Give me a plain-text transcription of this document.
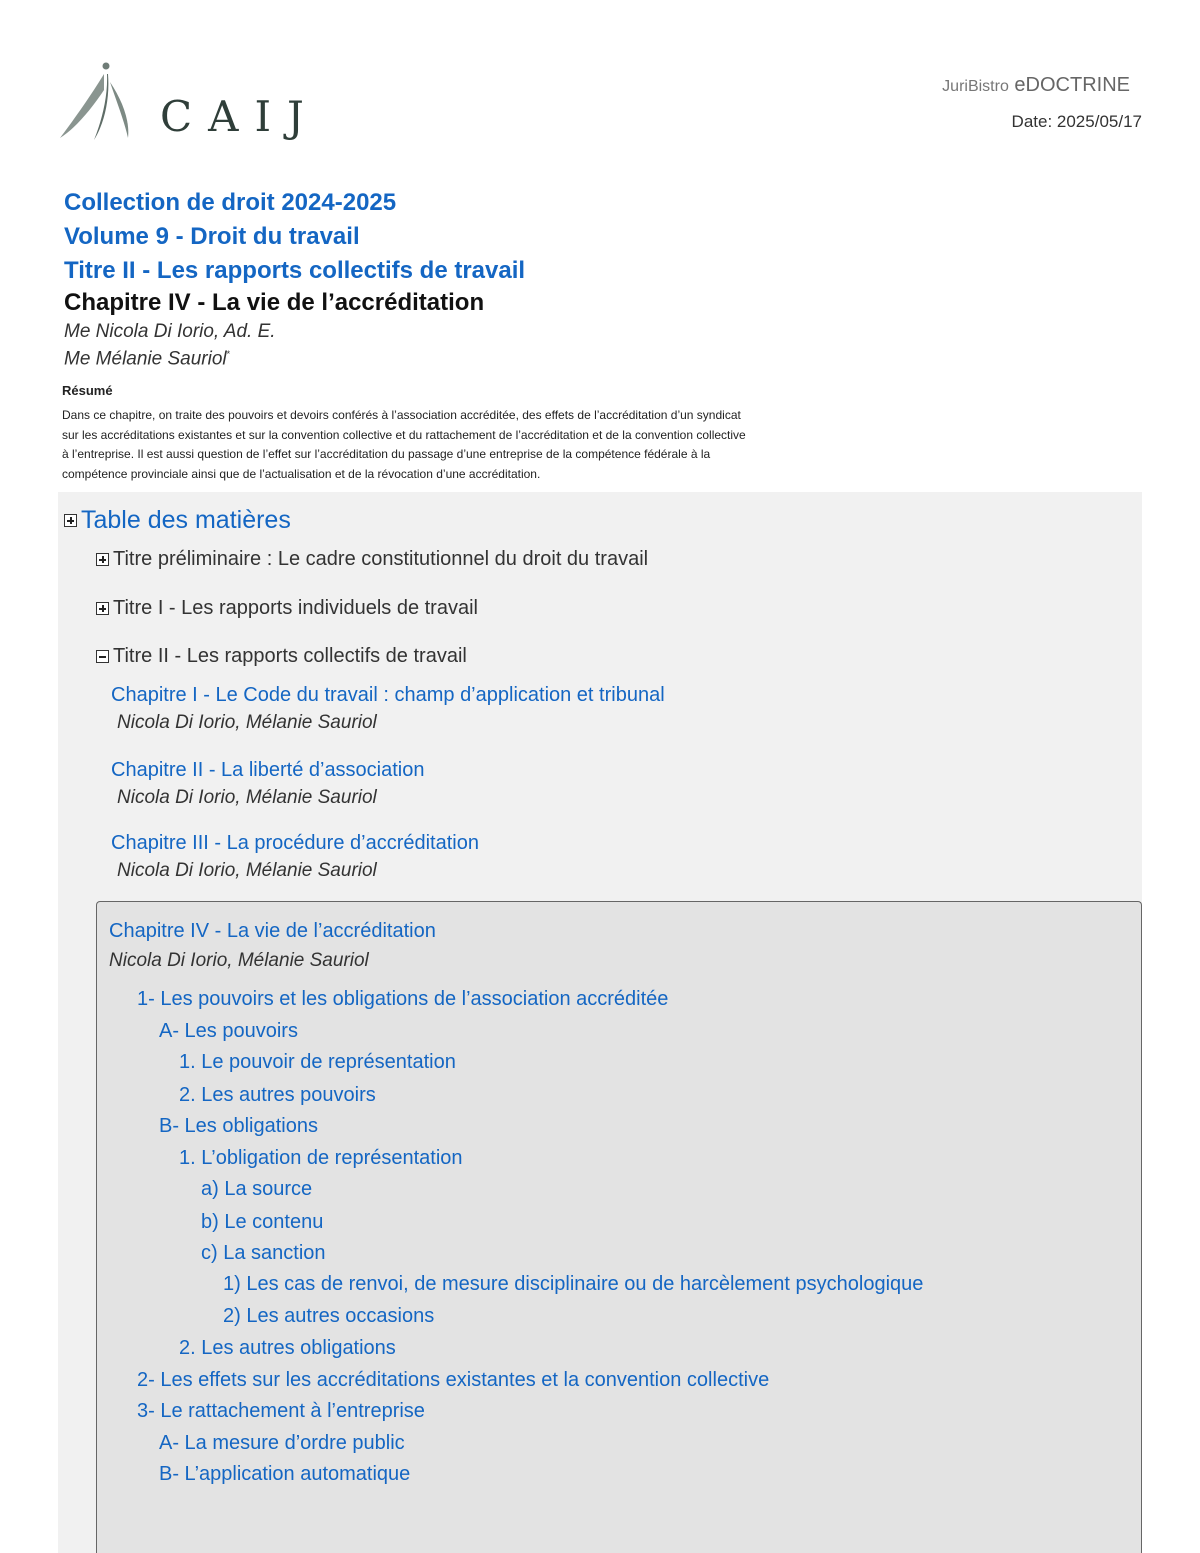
CAIJ
JuriBistro eDOCTRINE
Date: 2025/05/17
Collection de droit 2024-2025
Volume 9 - Droit du travail
Titre II - Les rapports collectifs de travail
Chapitre IV - La vie de l’accréditation
Me Nicola Di Iorio, Ad. E.
Me Mélanie Sauriol*
Résumé
Dans ce chapitre, on traite des pouvoirs et devoirs conférés à l’association accréditée, des effets de l’accréditation d’un syndicat
sur les accréditations existantes et sur la convention collective et du rattachement de l’accréditation et de la convention collective
à l’entreprise. Il est aussi question de l’effet sur l’accréditation du passage d’une entreprise de la compétence fédérale à la
compétence provinciale ainsi que de l’actualisation et de la révocation d’une accréditation.
Table des matières
Titre préliminaire : Le cadre constitutionnel du droit du travail
Titre I - Les rapports individuels de travail
Titre II - Les rapports collectifs de travail
Chapitre I - Le Code du travail : champ d’application et tribunal
Nicola Di Iorio, Mélanie Sauriol
Chapitre II - La liberté d’association
Nicola Di Iorio, Mélanie Sauriol
Chapitre III - La procédure d’accréditation
Nicola Di Iorio, Mélanie Sauriol
Chapitre IV - La vie de l’accréditation
Nicola Di Iorio, Mélanie Sauriol
1- Les pouvoirs et les obligations de l’association accréditée
A- Les pouvoirs
1. Le pouvoir de représentation
2. Les autres pouvoirs
B- Les obligations
1. L’obligation de représentation
a) La source
b) Le contenu
c) La sanction
1) Les cas de renvoi, de mesure disciplinaire ou de harcèlement psychologique
2) Les autres occasions
2. Les autres obligations
2- Les effets sur les accréditations existantes et la convention collective
3- Le rattachement à l’entreprise
A- La mesure d’ordre public
B- L’application automatique
